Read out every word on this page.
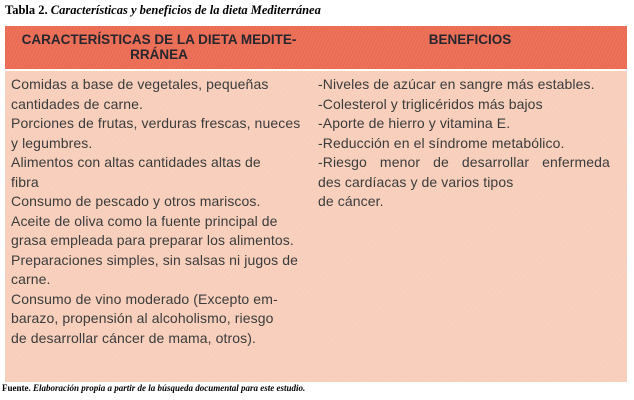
Tabla 2. Características y beneficios de la dieta Mediterránea
CARACTERÍSTICAS DE LA DIETA MEDITE-
RRÁNEA
BENEFICIOS
Comidas a base de vegetales, pequeñas
cantidades de carne.
Porciones de frutas, verduras frescas, nueces
y legumbres.
Alimentos con altas cantidades altas de
fibra
Consumo de pescado y otros mariscos.
Aceite de oliva como la fuente principal de
grasa empleada para preparar los alimentos.
Preparaciones simples, sin salsas ni jugos de
carne.
Consumo de vino moderado (Excepto em-
barazo, propensión al alcoholismo, riesgo
de desarrollar cáncer de mama, otros).
-Niveles de azúcar en sangre más estables.
-Colesterol y triglicéridos más bajos
-Aporte de hierro y vitamina E.
-Reducción en el síndrome metabólico.
-Riesgo menor de desarrollar enfermeda
des cardíacas y de varios tipos
de cáncer.
Fuente. Elaboración propia a partir de la búsqueda documental para este estudio.
